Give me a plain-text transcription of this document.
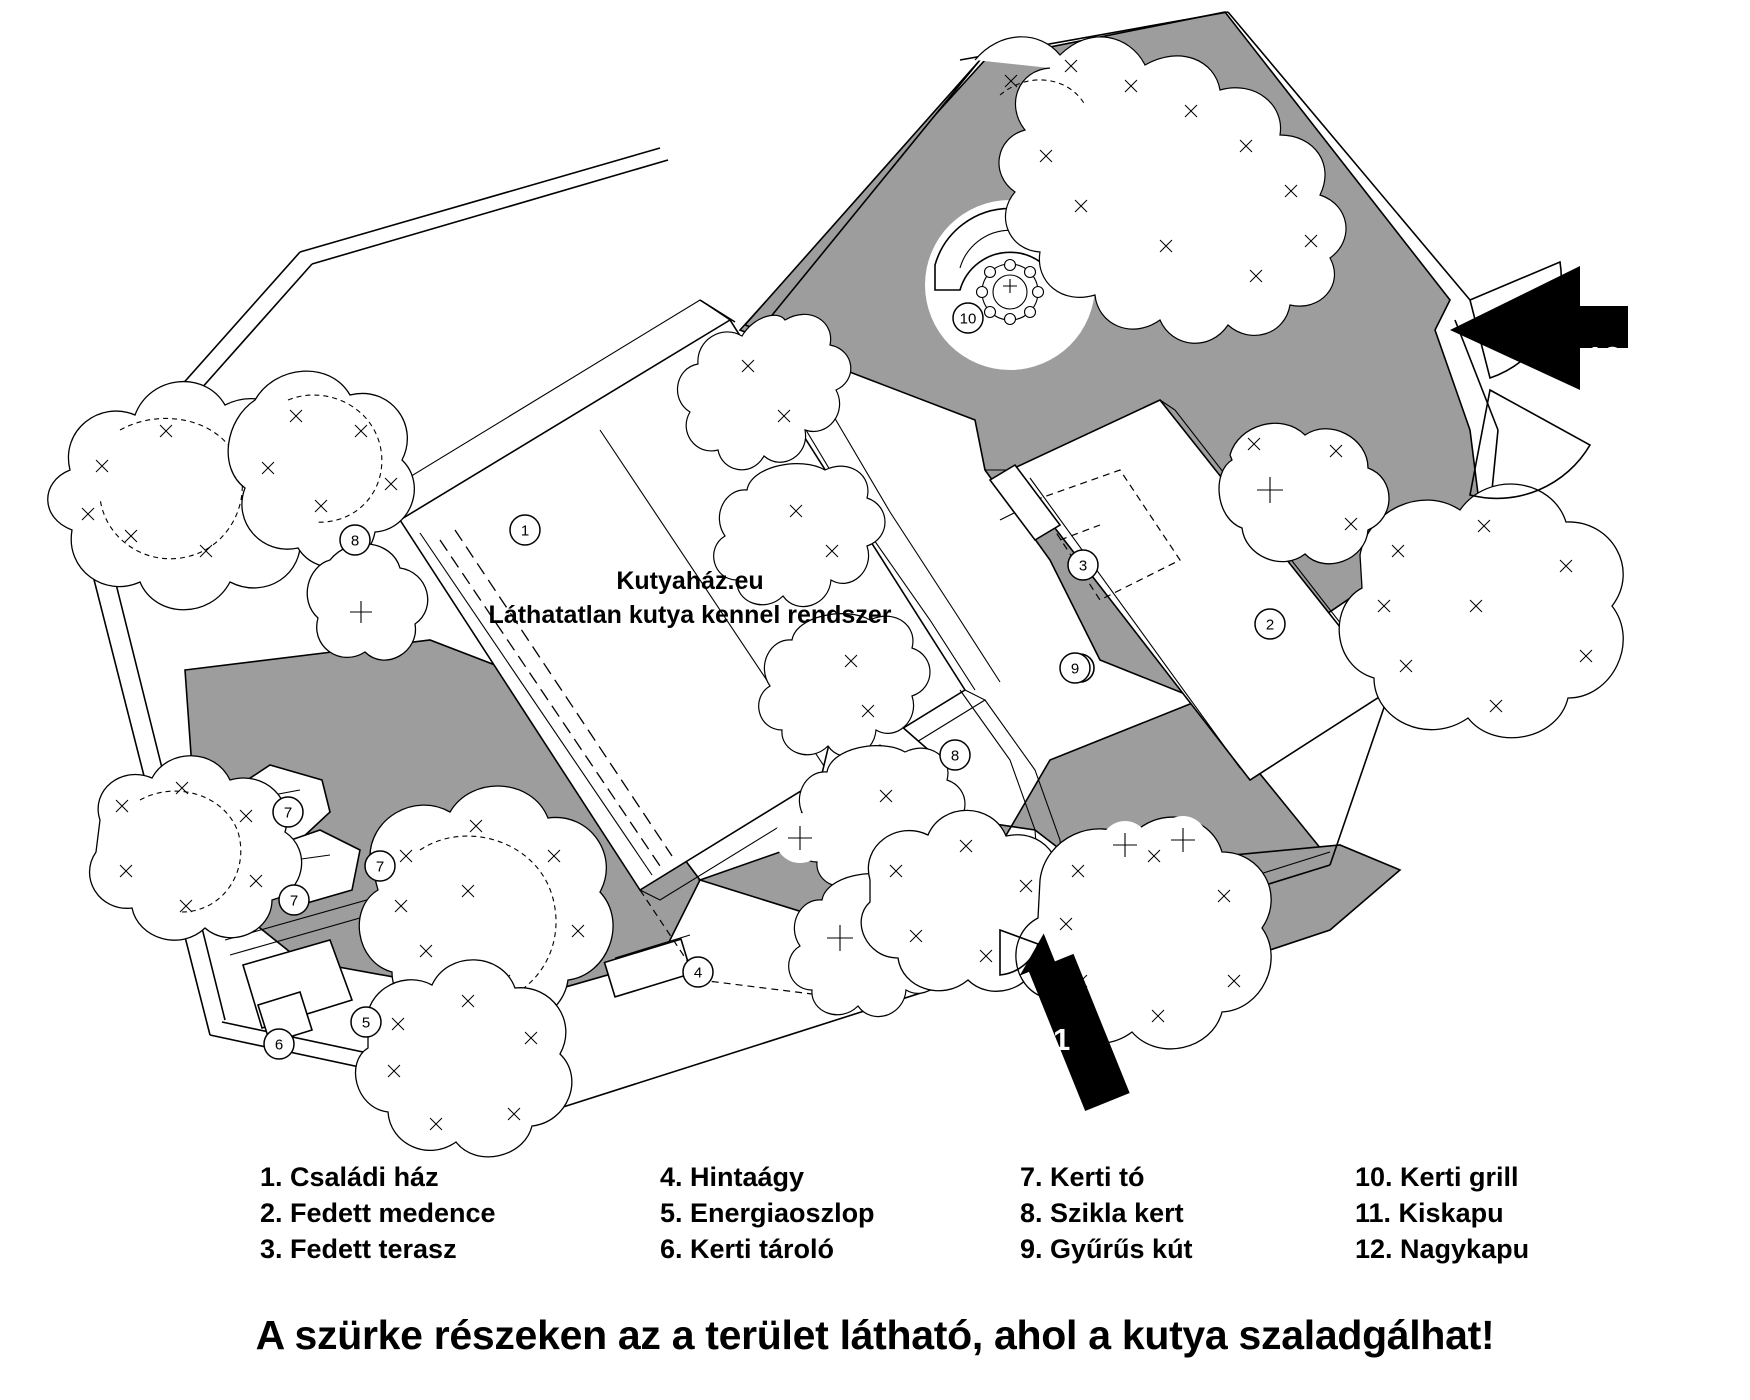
1
2
3
4
5
6
7
7
7
8
8
9
10
Kutyaház.eu
Láthatatlan kutya kennel rendszer
12
11
1. Családi ház
2. Fedett medence
3. Fedett terasz
4. Hintaágy
5. Energiaoszlop
6. Kerti tároló
7. Kerti tó
8. Szikla kert
9. Gyűrűs kút
10. Kerti grill
11. Kiskapu
12. Nagykapu
A szürke részeken az a terület látható, ahol a kutya szaladgálhat!
